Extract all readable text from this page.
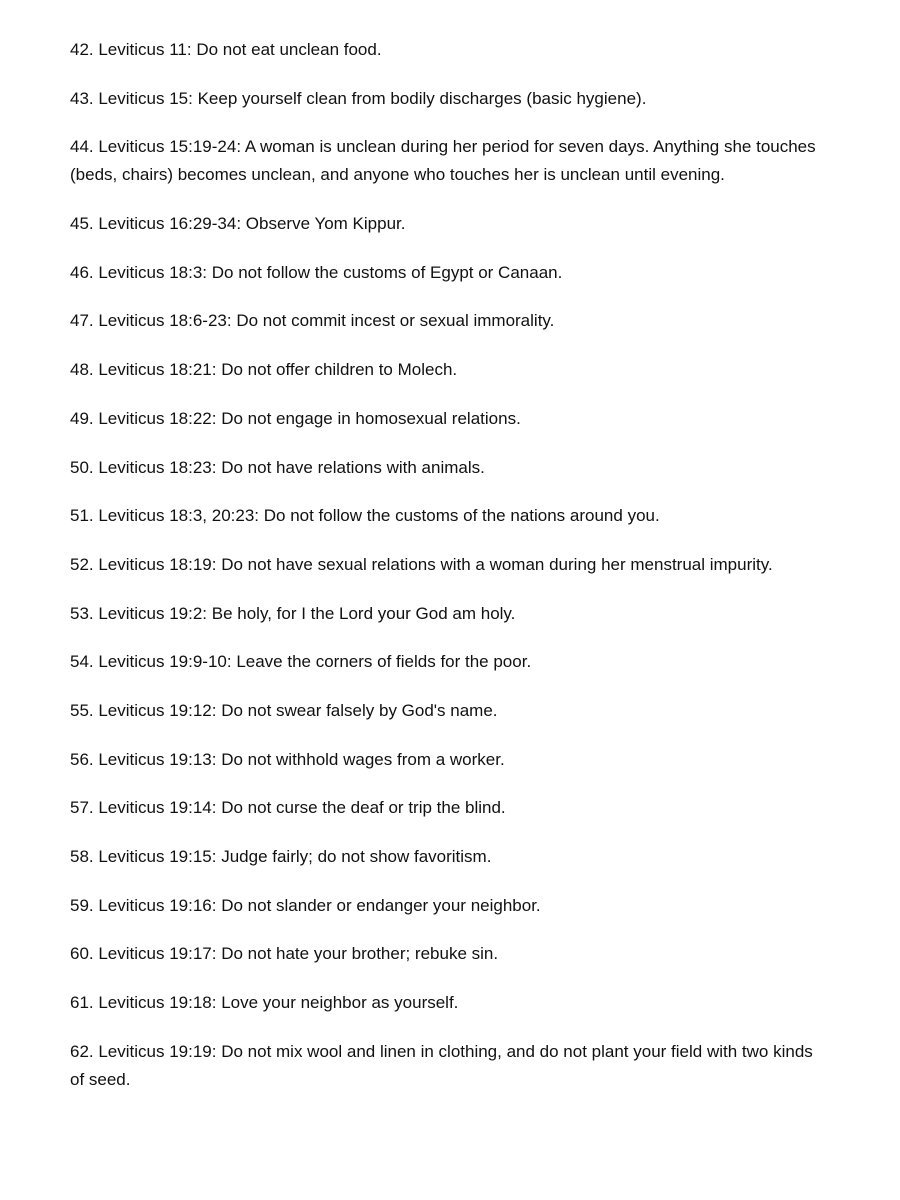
42. Leviticus 11: Do not eat unclean food.
43. Leviticus 15: Keep yourself clean from bodily discharges (basic hygiene).
44. Leviticus 15:19-24: A woman is unclean during her period for seven days. Anything she touches (beds, chairs) becomes unclean, and anyone who touches her is unclean until evening.
45. Leviticus 16:29-34: Observe Yom Kippur.
46. Leviticus 18:3: Do not follow the customs of Egypt or Canaan.
47. Leviticus 18:6-23: Do not commit incest or sexual immorality.
48. Leviticus 18:21: Do not offer children to Molech.
49. Leviticus 18:22: Do not engage in homosexual relations.
50. Leviticus 18:23: Do not have relations with animals.
51. Leviticus 18:3, 20:23: Do not follow the customs of the nations around you.
52. Leviticus 18:19: Do not have sexual relations with a woman during her menstrual impurity.
53. Leviticus 19:2: Be holy, for I the Lord your God am holy.
54. Leviticus 19:9-10: Leave the corners of fields for the poor.
55. Leviticus 19:12: Do not swear falsely by God's name.
56. Leviticus 19:13: Do not withhold wages from a worker.
57. Leviticus 19:14: Do not curse the deaf or trip the blind.
58. Leviticus 19:15: Judge fairly; do not show favoritism.
59. Leviticus 19:16: Do not slander or endanger your neighbor.
60. Leviticus 19:17: Do not hate your brother; rebuke sin.
61. Leviticus 19:18: Love your neighbor as yourself.
62. Leviticus 19:19: Do not mix wool and linen in clothing, and do not plant your field with two kinds of seed.
